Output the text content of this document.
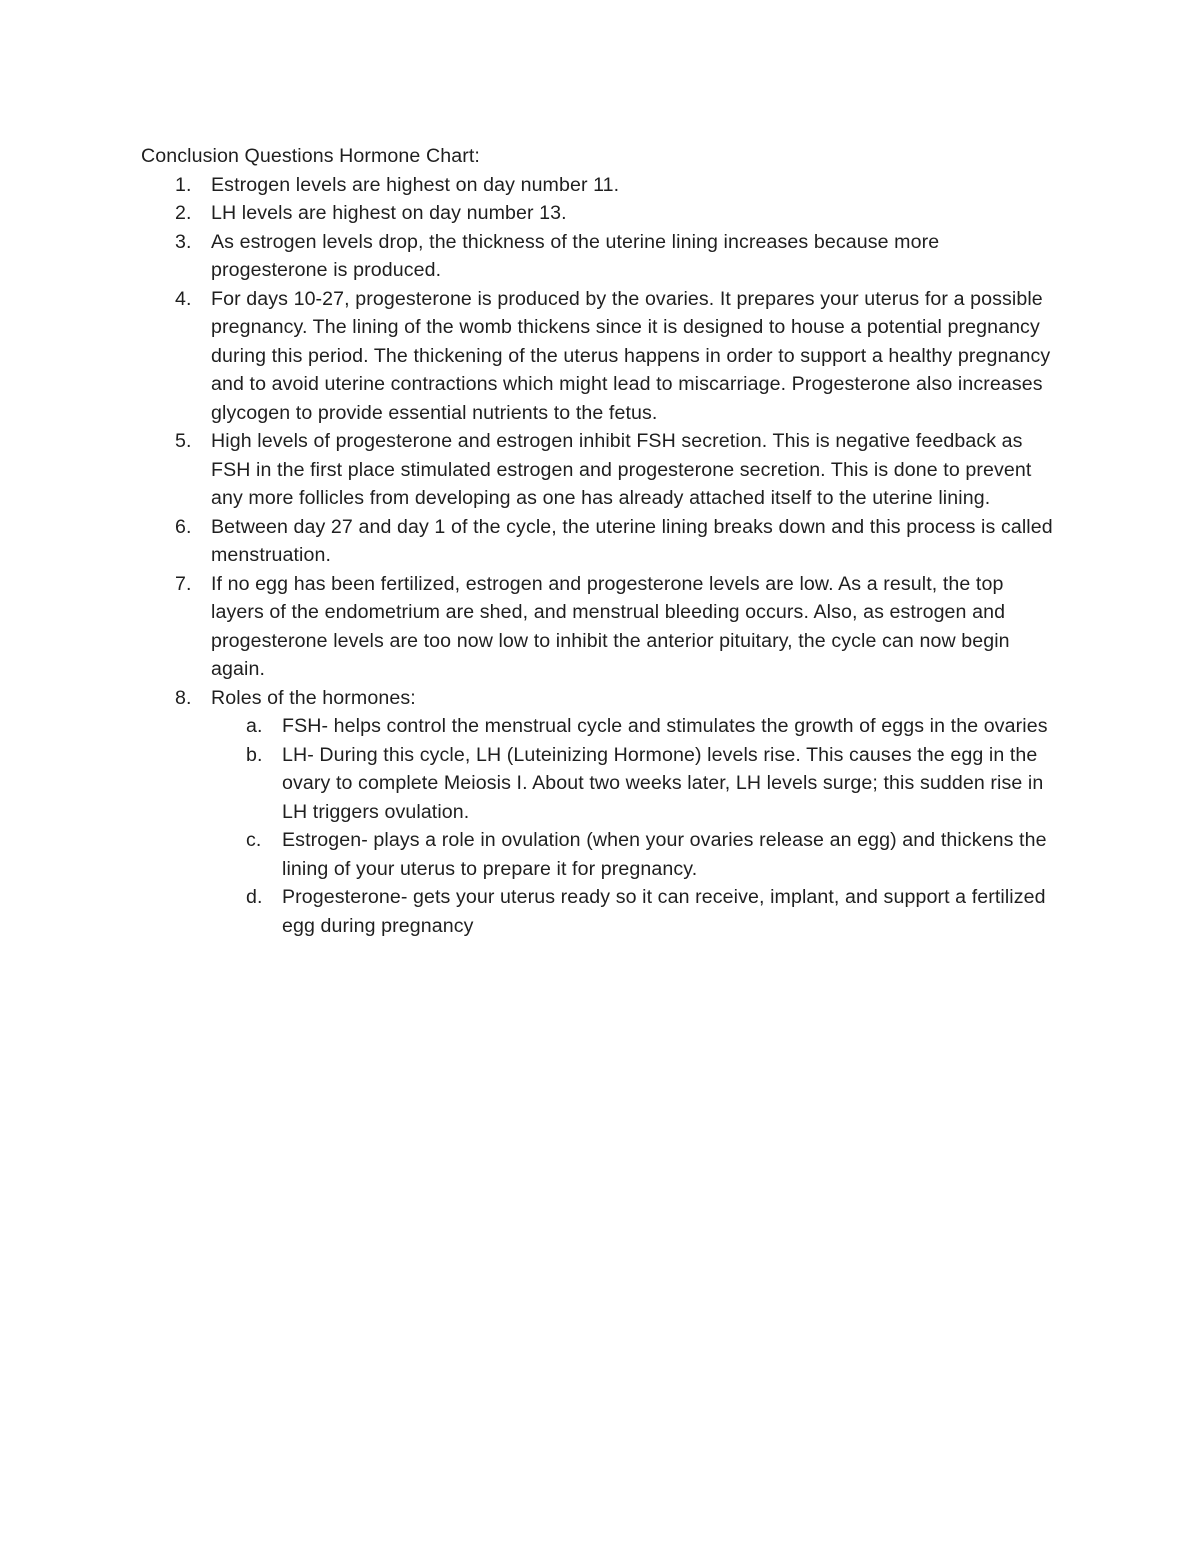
Conclusion Questions Hormone Chart:

1. Estrogen levels are highest on day number 11.
2. LH levels are highest on day number 13.
3. As estrogen levels drop, the thickness of the uterine lining increases because more progesterone is produced.
4. For days 10-27, progesterone is produced by the ovaries. It prepares your uterus for a possible pregnancy. The lining of the womb thickens since it is designed to house a potential pregnancy during this period. The thickening of the uterus happens in order to support a healthy pregnancy and to avoid uterine contractions which might lead to miscarriage. Progesterone also increases glycogen to provide essential nutrients to the fetus.
5. High levels of progesterone and estrogen inhibit FSH secretion. This is negative feedback as FSH in the first place stimulated estrogen and progesterone secretion. This is done to prevent any more follicles from developing as one has already attached itself to the uterine lining.
6. Between day 27 and day 1 of the cycle, the uterine lining breaks down and this process is called menstruation.
7. If no egg has been fertilized, estrogen and progesterone levels are low. As a result, the top layers of the endometrium are shed, and menstrual bleeding occurs. Also, as estrogen and progesterone levels are too now low to inhibit the anterior pituitary, the cycle can now begin again.
8. Roles of the hormones:
a. FSH- helps control the menstrual cycle and stimulates the growth of eggs in the ovaries
b. LH- During this cycle, LH (Luteinizing Hormone) levels rise. This causes the egg in the ovary to complete Meiosis I. About two weeks later, LH levels surge; this sudden rise in LH triggers ovulation.
c. Estrogen- plays a role in ovulation (when your ovaries release an egg) and thickens the lining of your uterus to prepare it for pregnancy.
d. Progesterone- gets your uterus ready so it can receive, implant, and support a fertilized egg during pregnancy
